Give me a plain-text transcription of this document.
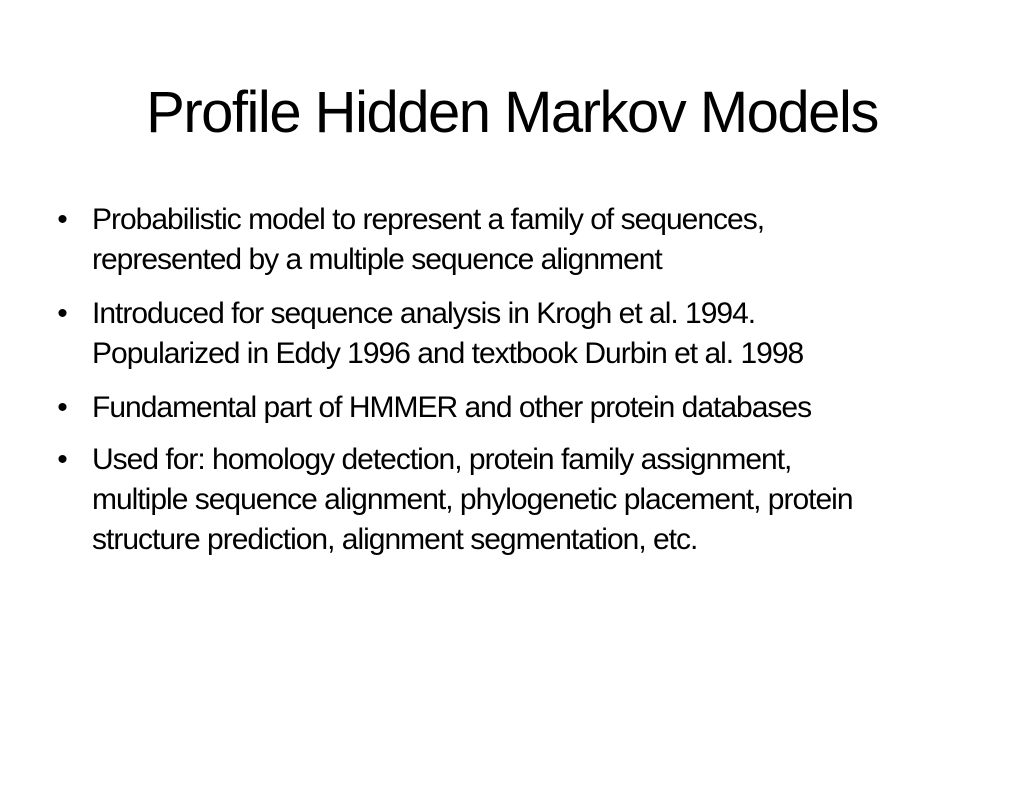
Profile Hidden Markov Models
• Probabilistic model to represent a family of sequences,
represented by a multiple sequence alignment
• Introduced for sequence analysis in Krogh et al. 1994.
Popularized in Eddy 1996 and textbook Durbin et al. 1998
• Fundamental part of HMMER and other protein databases
• Used for: homology detection, protein family assignment,
multiple sequence alignment, phylogenetic placement, protein
structure prediction, alignment segmentation, etc.
